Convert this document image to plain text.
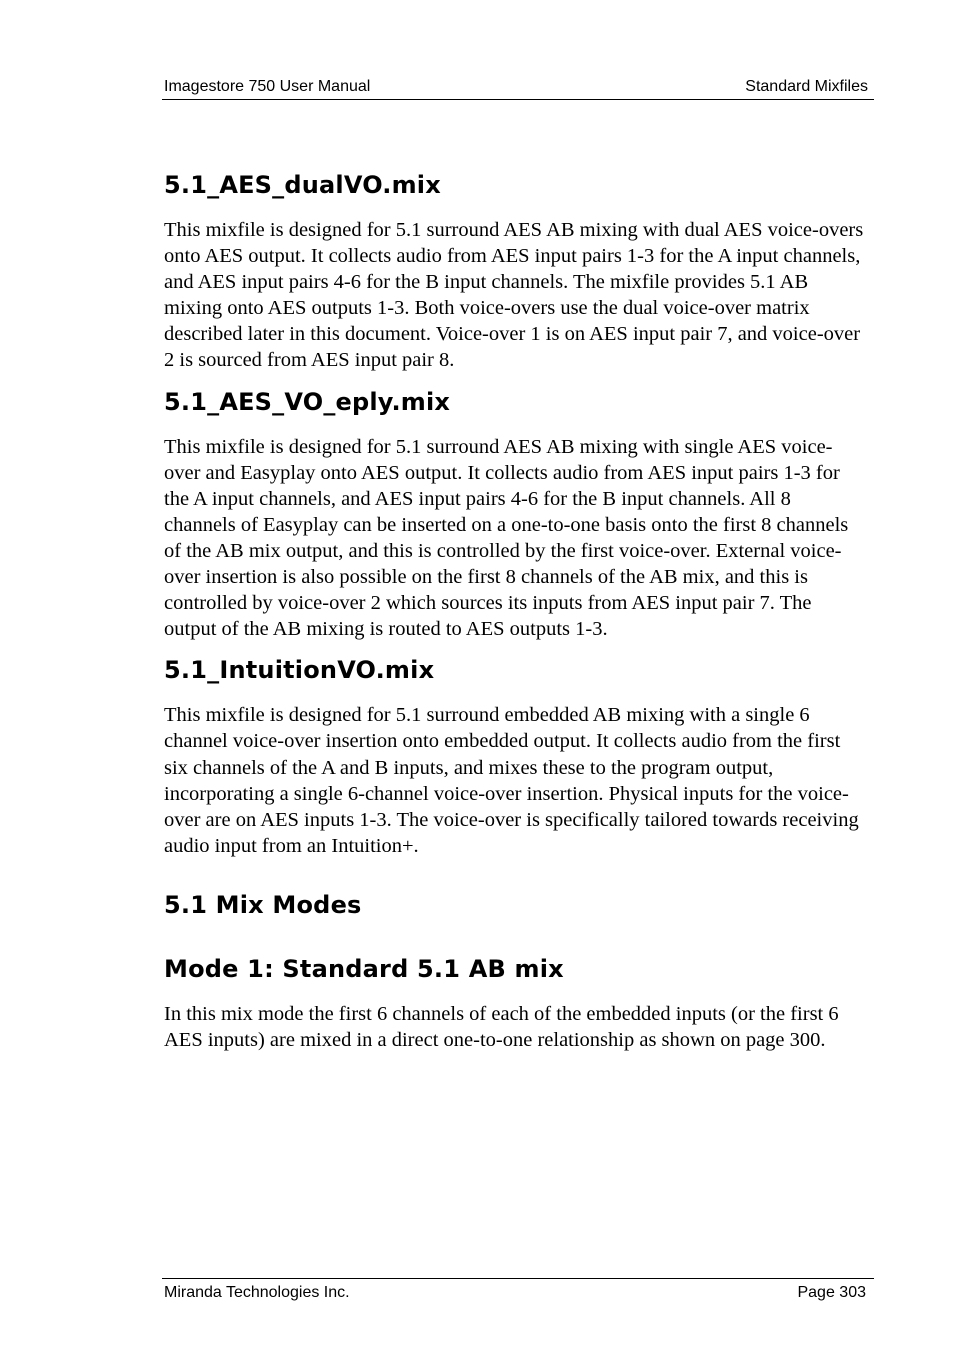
Imagestore 750 User Manual	Standard Mixfiles
5.1_AES_dualVO.mix

This mixfile is designed for 5.1 surround AES AB mixing with dual AES voice-overs onto AES output. It collects audio from AES input pairs 1-3 for the A input channels, and AES input pairs 4-6 for the B input channels. The mixfile provides 5.1 AB mixing onto AES outputs 1-3. Both voice-overs use the dual voice-over matrix described later in this document. Voice-over 1 is on AES input pair 7, and voice-over 2 is sourced from AES input pair 8.

5.1_AES_VO_eply.mix

This mixfile is designed for 5.1 surround AES AB mixing with single AES voice-over and Easyplay onto AES output. It collects audio from AES input pairs 1-3 for the A input channels, and AES input pairs 4-6 for the B input channels. All 8 channels of Easyplay can be inserted on a one-to-one basis onto the first 8 channels of the AB mix output, and this is controlled by the first voice-over. External voice-over insertion is also possible on the first 8 channels of the AB mix, and this is controlled by voice-over 2 which sources its inputs from AES input pair 7. The output of the AB mixing is routed to AES outputs 1-3.

5.1_IntuitionVO.mix

This mixfile is designed for 5.1 surround embedded AB mixing with a single 6 channel voice-over insertion onto embedded output. It collects audio from the first six channels of the A and B inputs, and mixes these to the program output, incorporating a single 6-channel voice-over insertion. Physical inputs for the voice-over are on AES inputs 1-3. The voice-over is specifically tailored towards receiving audio input from an Intuition+.

5.1 Mix Modes
Mode 1: Standard 5.1 AB mix

In this mix mode the first 6 channels of each of the embedded inputs (or the first 6 AES inputs) are mixed in a direct one-to-one relationship as shown on page 300.

Miranda Technologies Inc.	Page 303
